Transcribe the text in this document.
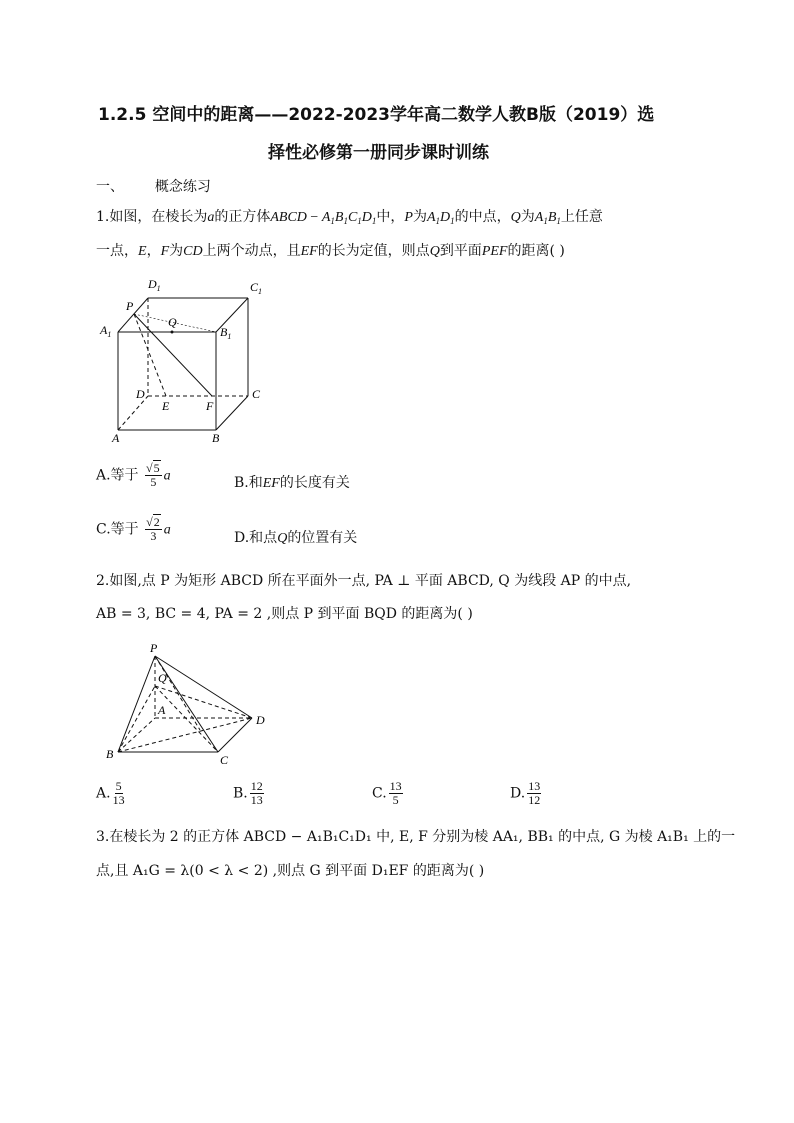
1.2.5 空间中的距离——2022-2023学年高二数学人教B版（2019）选
择性必修第一册同步课时训练
一、 概念练习
1.如图，在棱长为a的正方体ABCD − $A_1B_1C_1D_1$中，P为$A_1D_1$的中点，Q为$A_1B_1$上任意
一点，E，F为CD上两个动点，且EF的长为定值，则点Q到平面PEF的距离( )
$D_1$	$C_1$
P
Q
$A_1$	$B_1$
D
E	F
C
A	B
A.等于 $\frac{√5}{5}$ a	B.和EF的长度有关
C.等于 $\frac{√2}{3}$ a	D.和点Q的位置有关
2.如图,点 P 为矩形 ABCD 所在平面外一点, PA ⊥ 平面 ABCD, Q 为线段 AP 的中点,
AB = 3, BC = 4, PA = 2 ,则点 P 到平面 BQD 的距离为( )
P
Q
A
D
B	C
A. $\frac{5}{13}$	B. $\frac{12}{13}$	C. $\frac{13}{5}$	D. $\frac{13}{12}$
3.在棱长为 2 的正方体 ABCD − A₁B₁C₁D₁ 中, E, F 分别为棱 AA₁, BB₁ 的中点, G 为棱 A₁B₁ 上的一
点,且 A₁G = λ(0 < λ < 2) ,则点 G 到平面 D₁EF 的距离为( )
